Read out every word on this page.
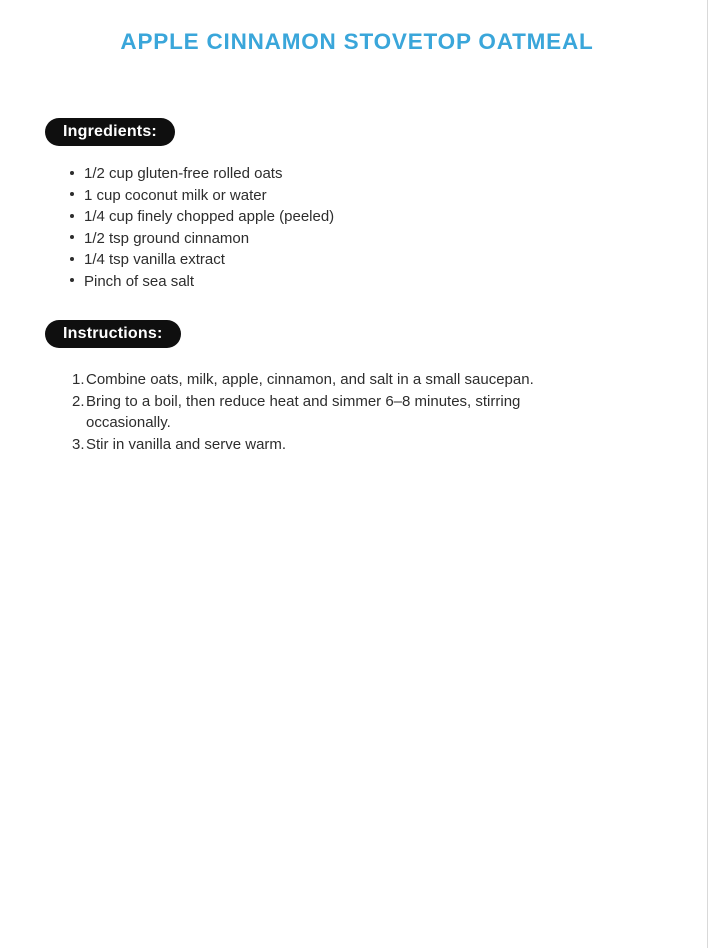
APPLE CINNAMON STOVETOP OATMEAL
Ingredients:
1/2 cup gluten-free rolled oats
1 cup coconut milk or water
1/4 cup finely chopped apple (peeled)
1/2 tsp ground cinnamon
1/4 tsp vanilla extract
Pinch of sea salt
Instructions:
Combine oats, milk, apple, cinnamon, and salt in a small saucepan.
Bring to a boil, then reduce heat and simmer 6–8 minutes, stirring occasionally.
Stir in vanilla and serve warm.
